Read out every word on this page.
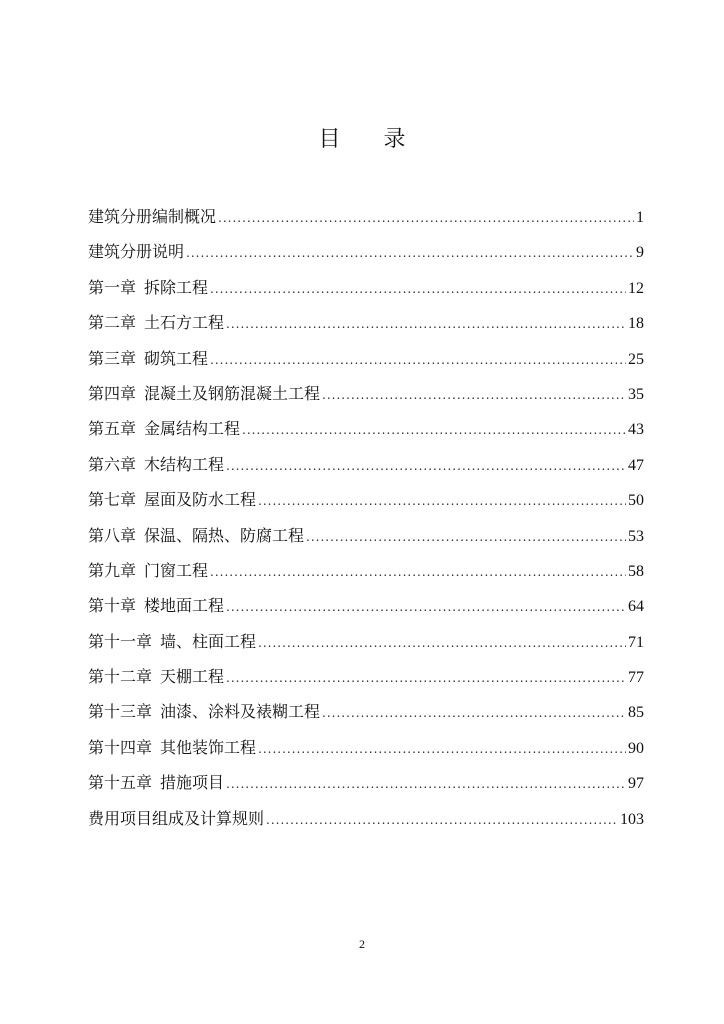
目 录
建筑分册编制概况 .....	1
建筑分册说明 .....	9
第一章 拆除工程 .....	12
第二章 土石方工程 .....	18
第三章 砌筑工程 .....	25
第四章 混凝土及钢筋混凝土工程 .....	35
第五章 金属结构工程 .....	43
第六章 木结构工程 .....	47
第七章 屋面及防水工程 .....	50
第八章 保温、隔热、防腐工程 .....	53
第九章 门窗工程 .....	58
第十章 楼地面工程 .....	64
第十一章 墙、柱面工程 .....	71
第十二章 天棚工程 .....	77
第十三章 油漆、涂料及裱糊工程 .....	85
第十四章 其他装饰工程 .....	90
第十五章 措施项目 .....	97
费用项目组成及计算规则 .....	103
2
